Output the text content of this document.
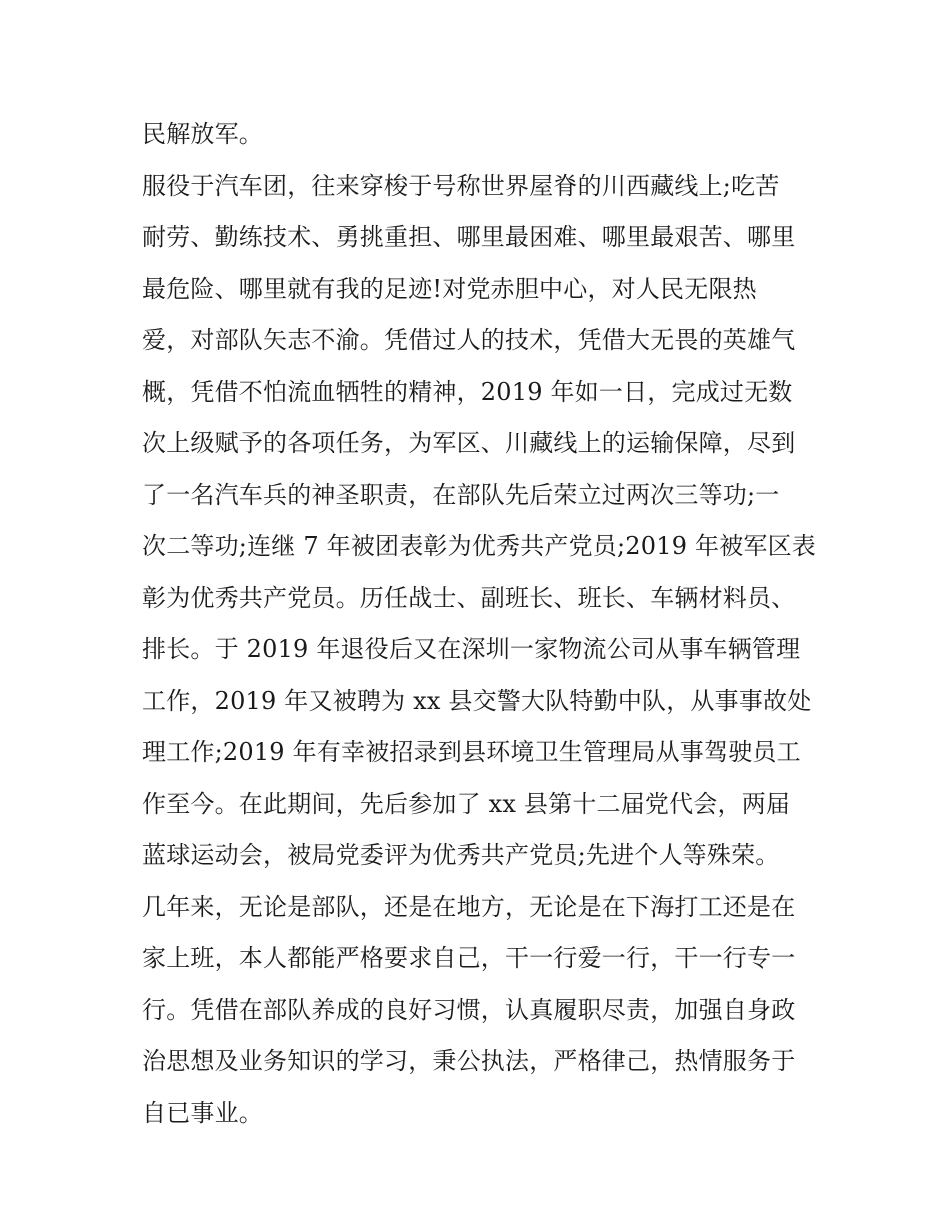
民解放军。
服役于汽车团，往来穿梭于号称世界屋脊的川西藏线上;吃苦
耐劳、勤练技术、勇挑重担、哪里最困难、哪里最艰苦、哪里
最危险、哪里就有我的足迹!对党赤胆中心，对人民无限热
爱，对部队矢志不渝。凭借过人的技术，凭借大无畏的英雄气
概，凭借不怕流血牺牲的精神，2019 年如一日，完成过无数
次上级赋予的各项任务，为军区、川藏线上的运输保障，尽到
了一名汽车兵的神圣职责，在部队先后荣立过两次三等功;一
次二等功;连继 7 年被团表彰为优秀共产党员;2019 年被军区表
彰为优秀共产党员。历任战士、副班长、班长、车辆材料员、
排长。于 2019 年退役后又在深圳一家物流公司从事车辆管理
工作，2019 年又被聘为 xx 县交警大队特勤中队，从事事故处
理工作;2019 年有幸被招录到县环境卫生管理局从事驾驶员工
作至今。在此期间，先后参加了 xx 县第十二届党代会，两届
蓝球运动会，被局党委评为优秀共产党员;先进个人等殊荣。
几年来，无论是部队，还是在地方，无论是在下海打工还是在
家上班，本人都能严格要求自己，干一行爱一行，干一行专一
行。凭借在部队养成的良好习惯，认真履职尽责，加强自身政
治思想及业务知识的学习，秉公执法，严格律己，热情服务于
自已事业。
